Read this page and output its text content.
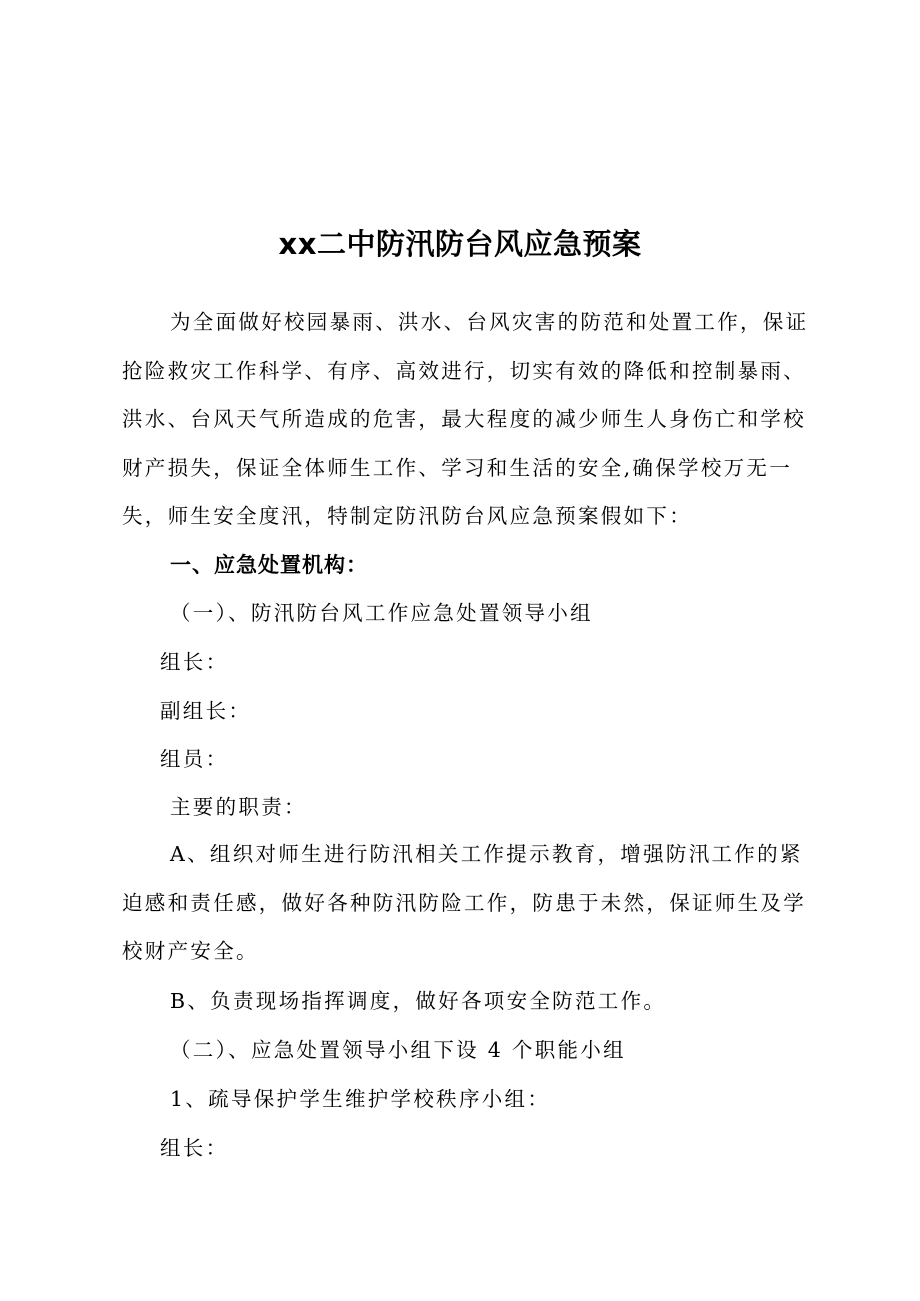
xx二中防汛防台风应急预案

为全面做好校园暴雨、洪水、台风灾害的防范和处置工作，保证抢险救灾工作科学、有序、高效进行，切实有效的降低和控制暴雨、洪水、台风天气所造成的危害，最大程度的减少师生人身伤亡和学校财产损失，保证全体师生工作、学习和生活的安全,确保学校万无一失，师生安全度汛，特制定防汛防台风应急预案假如下：

一、应急处置机构：
（一）、防汛防台风工作应急处置领导小组
组长：
副组长：
组员：
主要的职责：

A、组织对师生进行防汛相关工作提示教育，增强防汛工作的紧迫感和责任感，做好各种防汛防险工作，防患于未然，保证师生及学校财产安全。

B、负责现场指挥调度，做好各项安全防范工作。
（二）、应急处置领导小组下设 4 个职能小组
1、疏导保护学生维护学校秩序小组：
组长：
